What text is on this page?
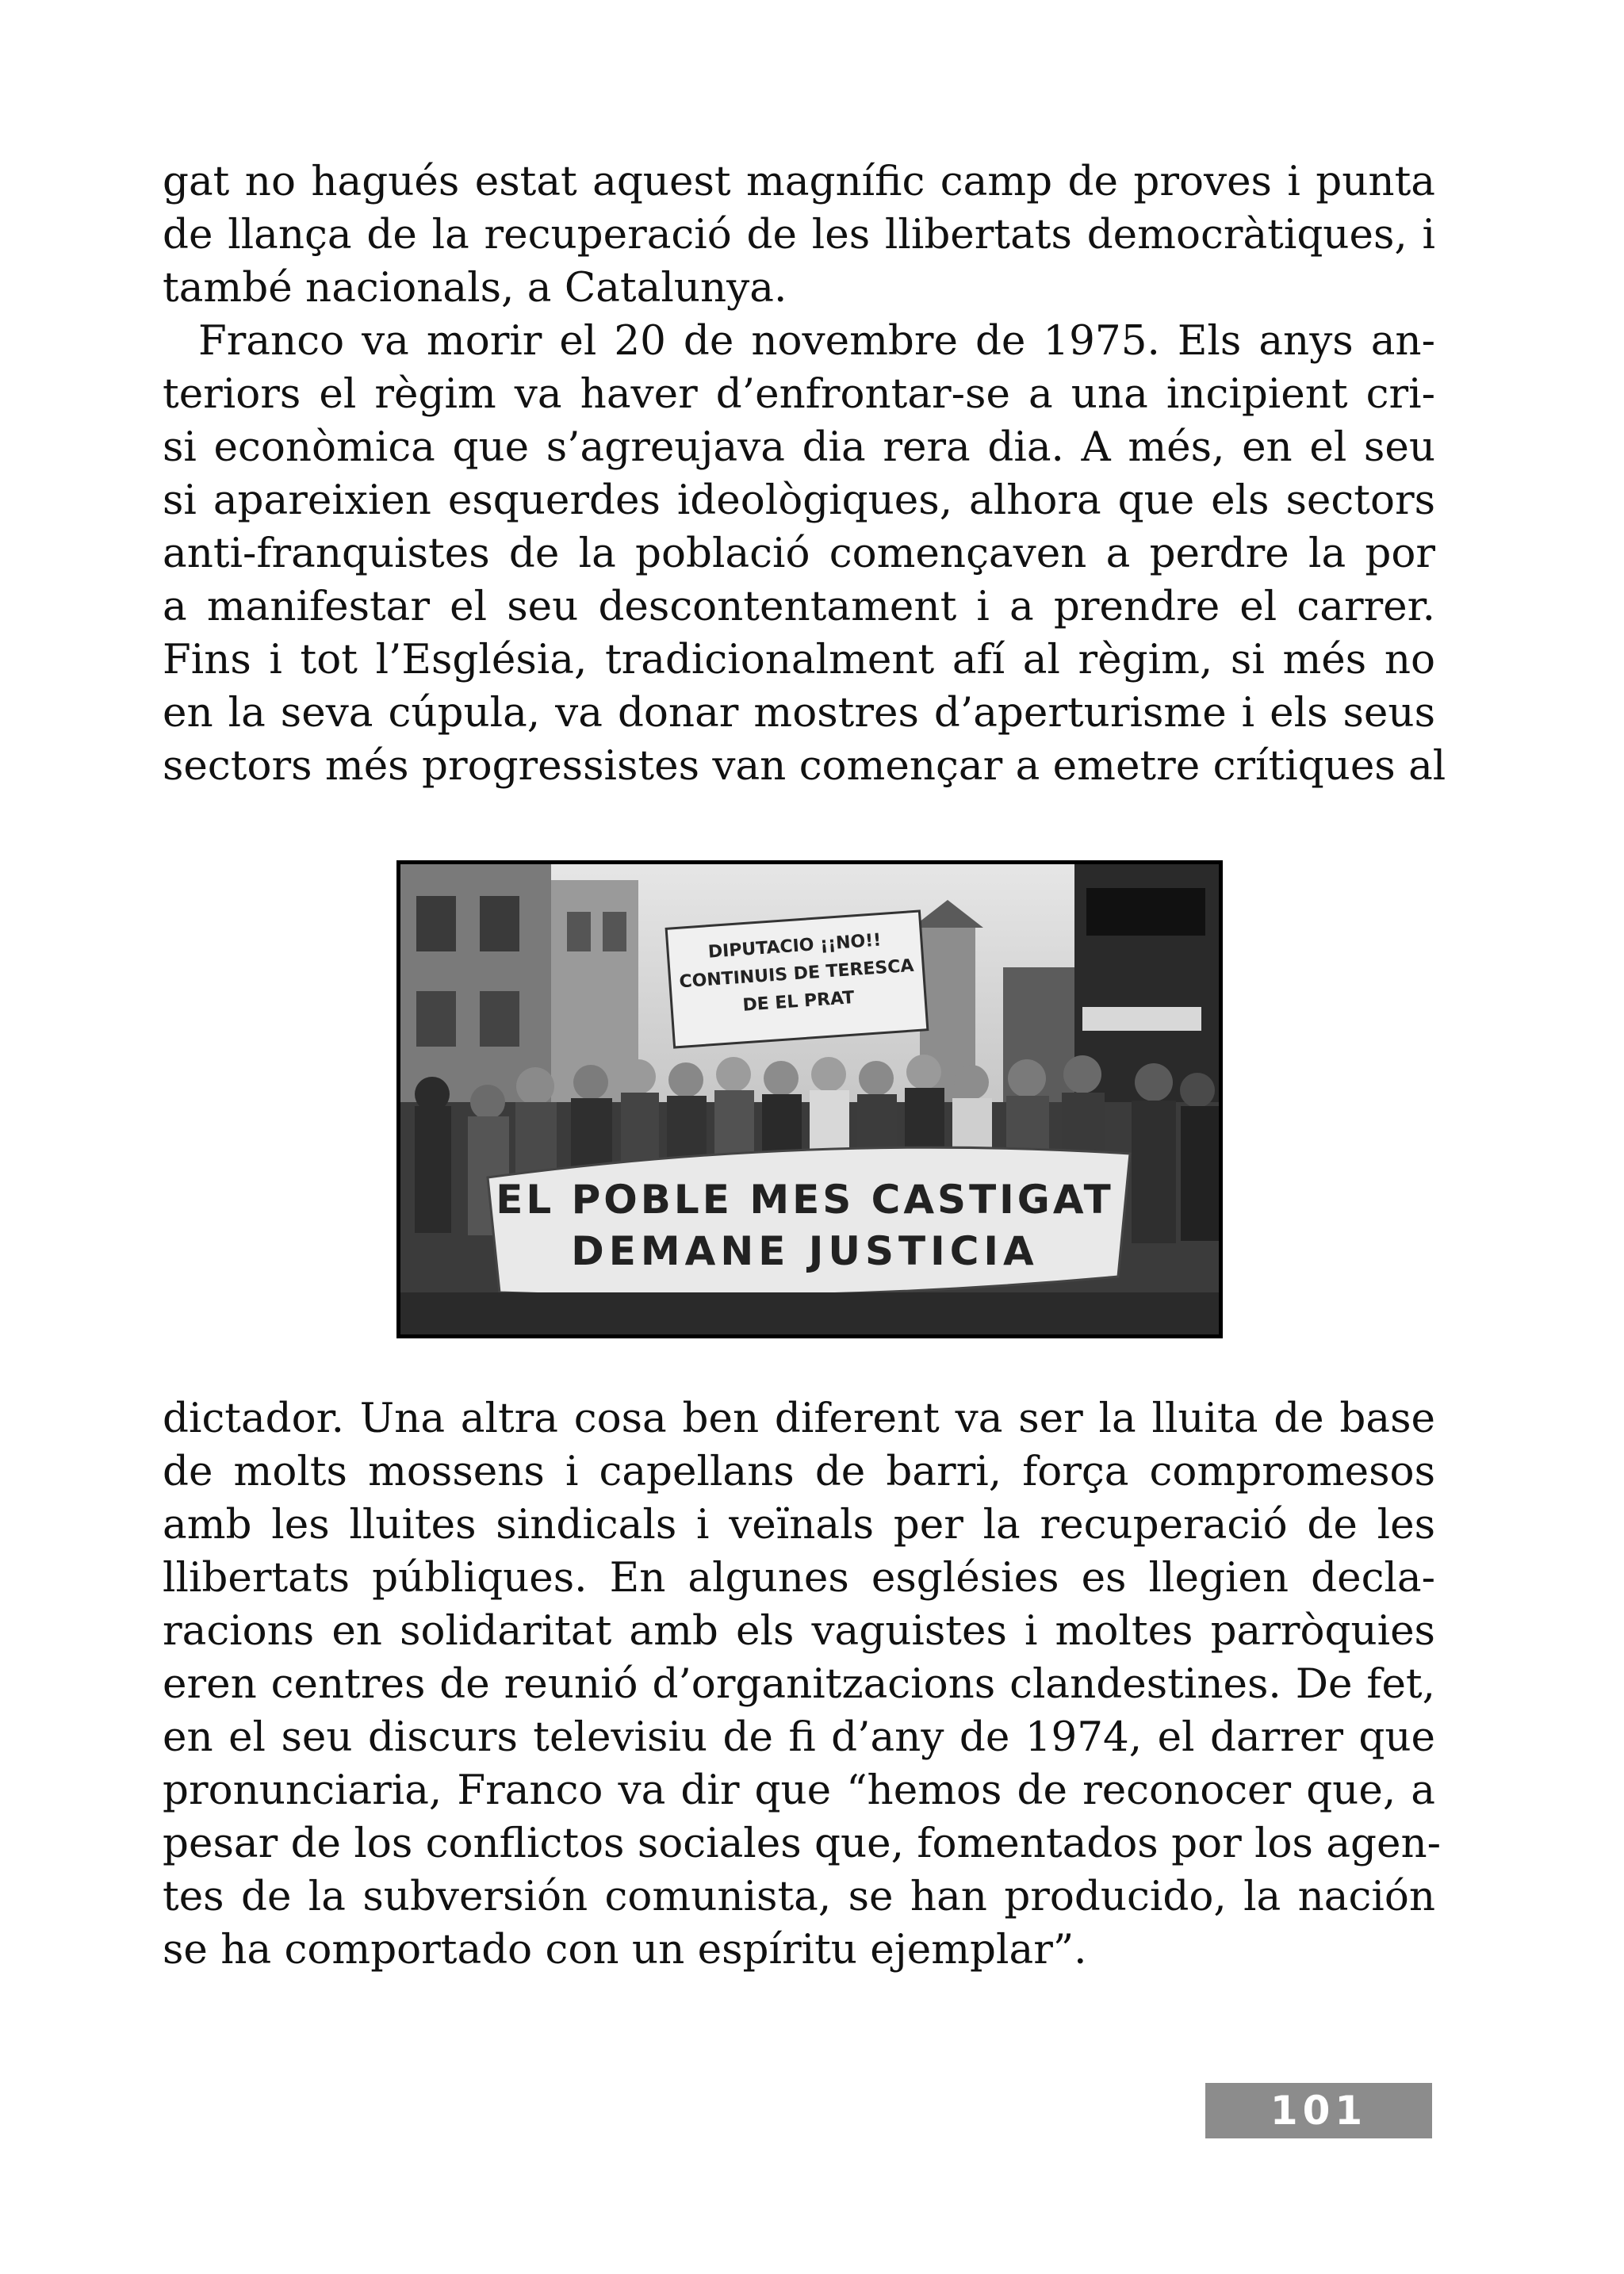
gat no hagués estat aquest magnífic camp de proves i punta
de llança de la recuperació de les llibertats democràtiques, i
també nacionals, a Catalunya.
Franco va morir el 20 de novembre de 1975. Els anys an-
teriors el règim va haver d’enfrontar-se a una incipient cri-
si econòmica que s’agreujava dia rera dia. A més, en el seu
si apareixien esquerdes ideològiques, alhora que els sectors
anti-franquistes de la població començaven a perdre la por
a manifestar el seu descontentament i a prendre el carrer.
Fins i tot l’Església, tradicionalment afí al règim, si més no
en la seva cúpula, va donar mostres d’aperturisme i els seus
sectors més progressistes van començar a emetre crítiques al
DIPUTACIO ¡¡NO!!
CONTINUIS DE TERESCA
DE EL PRAT
EL POBLE MES CASTIGAT
DEMANE JUSTICIA
dictador. Una altra cosa ben diferent va ser la lluita de base
de molts mossens i capellans de barri, força compromesos
amb les lluites sindicals i veïnals per la recuperació de les
llibertats públiques. En algunes esglésies es llegien decla-
racions en solidaritat amb els vaguistes i moltes parròquies
eren centres de reunió d’organitzacions clandestines. De fet,
en el seu discurs televisiu de fi d’any de 1974, el darrer que
pronunciaria, Franco va dir que “hemos de reconocer que, a
pesar de los conflictos sociales que, fomentados por los agen-
tes de la subversión comunista, se han producido, la nación
se ha comportado con un espíritu ejemplar”.
101
